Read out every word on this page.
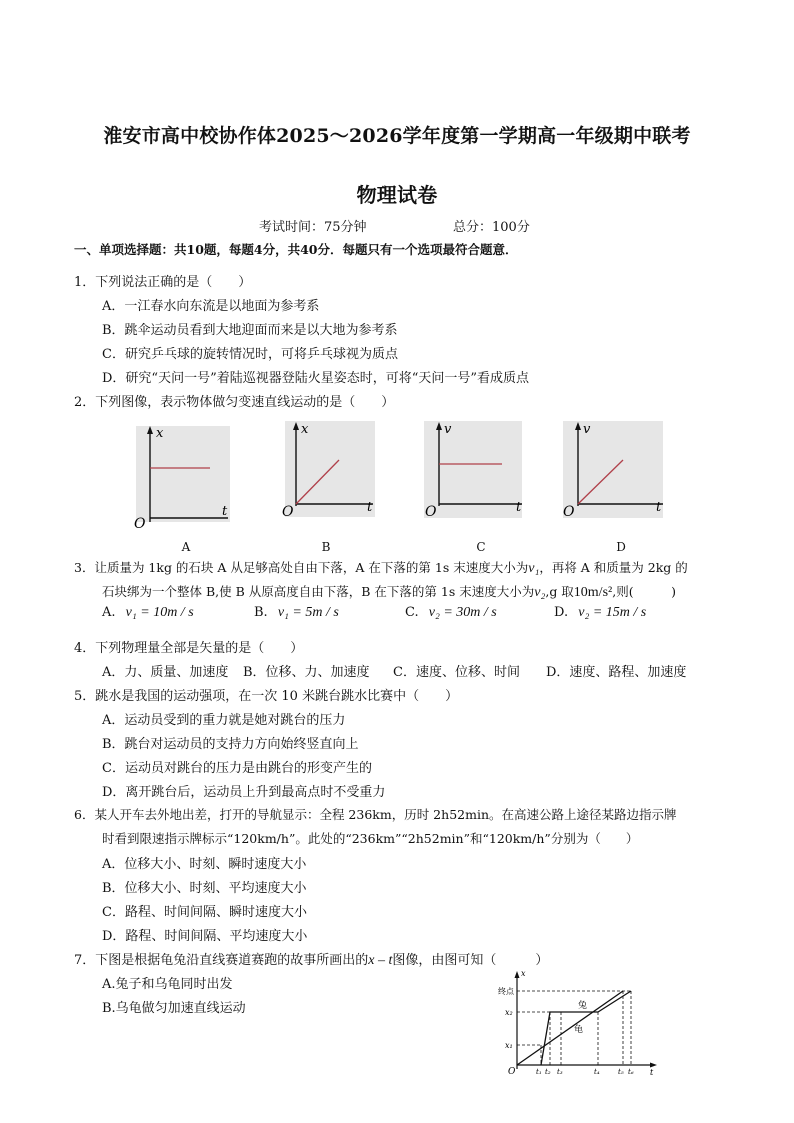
淮安市高中校协作体2025～2026学年度第一学期高一年级期中联考
物理试卷
考试时间：75分钟	总分：100分
一、单项选择题：共10题，每题4分，共40分．每题只有一个选项最符合题意．
1．下列说法正确的是（　　）
A．一江春水向东流是以地面为参考系
B．跳伞运动员看到大地迎面而来是以大地为参考系
C．研究乒乓球的旋转情况时，可将乒乓球视为质点
D．研究“天问一号”着陆巡视器登陆火星姿态时，可将“天问一号”看成质点
2．下列图像，表示物体做匀变速直线运动的是（　　）
x
t
O
A
x
t
O
B
v
t
O
C
v
t
O
D
3．让质量为 1kg 的石块 A 从足够高处自由下落，A 在下落的第 1s 末速度大小为v₁，再将 A 和质量为 2kg 的
石块绑为一个整体 B,使 B 从原高度自由下落，B 在下落的第 1s 末速度大小为v₂,g 取10m/s²,则(　　　)
A. v₁ = 10m / s	B. v₁ = 5m / s	C. v₂ = 30m / s	D. v₂ = 15m / s
4．下列物理量全部是矢量的是（　　）
A．力、质量、加速度 B．位移、力、加速度 C．速度、位移、时间 D．速度、路程、加速度
5．跳水是我国的运动强项，在一次 10 米跳台跳水比赛中（　　）
A．运动员受到的重力就是她对跳台的压力
B．跳台对运动员的支持力方向始终竖直向上
C．运动员对跳台的压力是由跳台的形变产生的
D．离开跳台后，运动员上升到最高点时不受重力
6．某人开车去外地出差，打开的导航显示：全程 236km，历时 2h52min。在高速公路上途径某路边指示牌
时看到限速指示牌标示“120km/h”。此处的“236km”“2h52min”和“120km/h”分别为（　　）
A．位移大小、时刻、瞬时速度大小
B．位移大小、时刻、平均速度大小
C．路程、时间间隔、瞬时速度大小
D．路程、时间间隔、平均速度大小
7．下图是根据龟兔沿直线赛道赛跑的故事所画出的x – t图像，由图可知（　　　）
A.兔子和乌龟同时出发
B.乌龟做匀加速直线运动
终点
x₂
x₁
x
t
O
兔
龟
t₁ t₂ t₃	t₄	t₅ t₆
